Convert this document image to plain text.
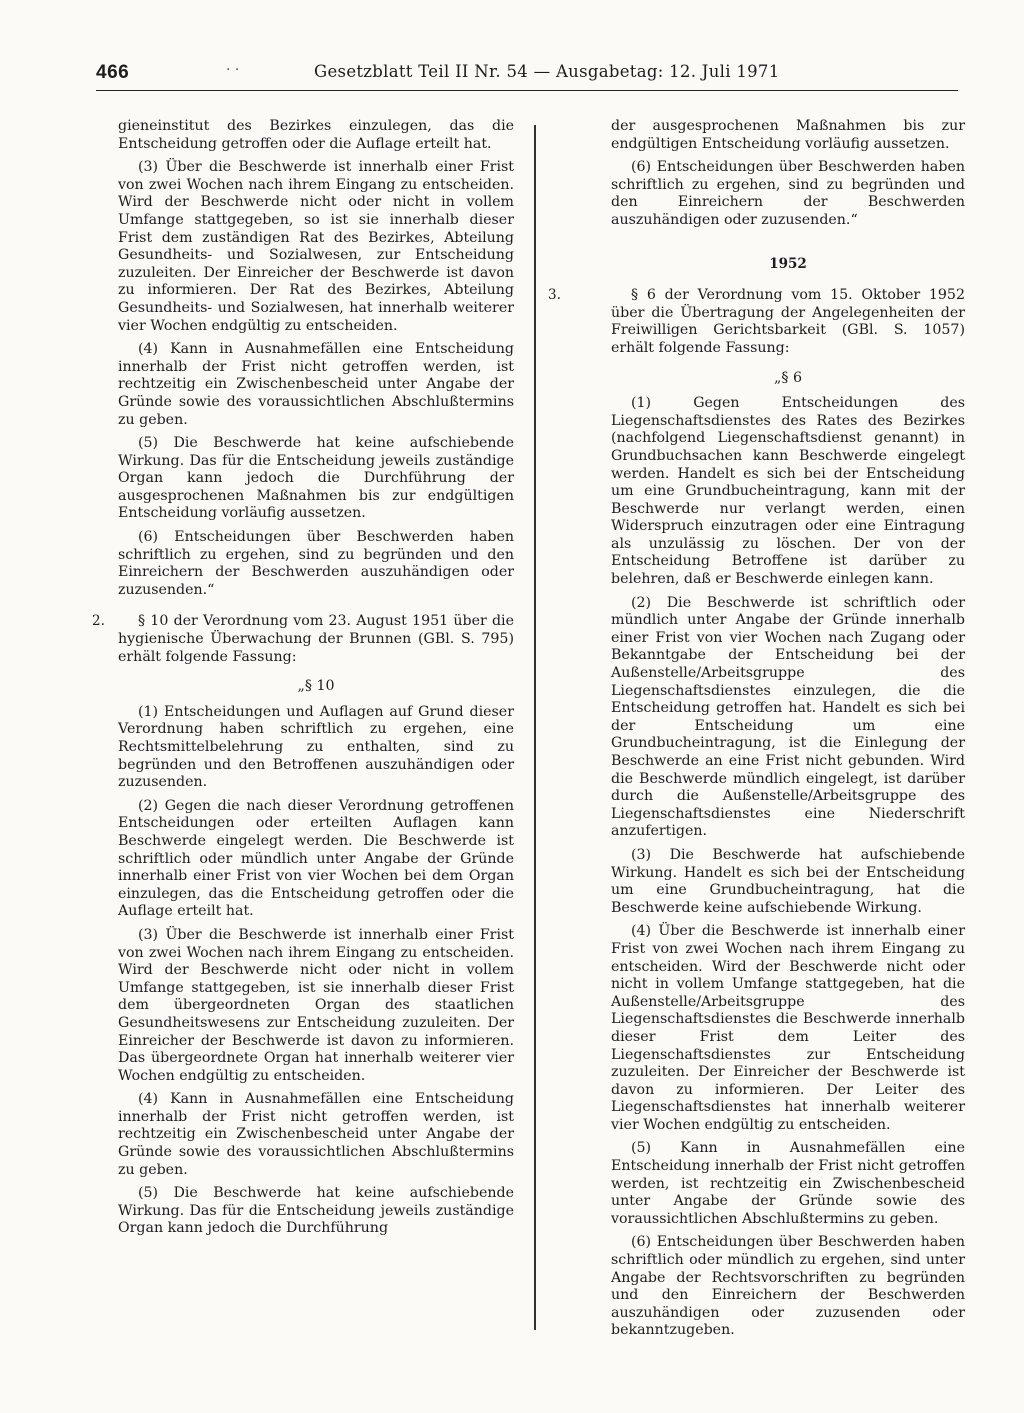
466	· ·	Gesetzblatt Teil II Nr. 54 — Ausgabetag: 12. Juli 1971

gieneinstitut des Bezirkes einzulegen, das die Entscheidung getroffen oder die Auflage erteilt hat.

(3) Über die Beschwerde ist innerhalb einer Frist von zwei Wochen nach ihrem Eingang zu entscheiden. Wird der Beschwerde nicht oder nicht in vollem Umfange stattgegeben, so ist sie innerhalb dieser Frist dem zuständigen Rat des Bezirkes, Abteilung Gesundheits- und Sozialwesen, zur Entscheidung zuzuleiten. Der Einreicher der Beschwerde ist davon zu informieren. Der Rat des Bezirkes, Abteilung Gesundheits- und Sozialwesen, hat innerhalb weiterer vier Wochen endgültig zu entscheiden.

(4) Kann in Ausnahmefällen eine Entscheidung innerhalb der Frist nicht getroffen werden, ist rechtzeitig ein Zwischenbescheid unter Angabe der Gründe sowie des voraussichtlichen Abschlußtermins zu geben.

(5) Die Beschwerde hat keine aufschiebende Wirkung. Das für die Entscheidung jeweils zuständige Organ kann jedoch die Durchführung der ausgesprochenen Maßnahmen bis zur endgültigen Entscheidung vorläufig aussetzen.

(6) Entscheidungen über Beschwerden haben schriftlich zu ergehen, sind zu begründen und den Einreichern der Beschwerden auszuhändigen oder zuzusenden.“

2.	§ 10 der Verordnung vom 23. August 1951 über die hygienische Überwachung der Brunnen (GBl. S. 795) erhält folgende Fassung:

„§ 10

(1) Entscheidungen und Auflagen auf Grund dieser Verordnung haben schriftlich zu ergehen, eine Rechtsmittelbelehrung zu enthalten, sind zu begründen und den Betroffenen auszuhändigen oder zuzusenden.

(2) Gegen die nach dieser Verordnung getroffenen Entscheidungen oder erteilten Auflagen kann Beschwerde eingelegt werden. Die Beschwerde ist schriftlich oder mündlich unter Angabe der Gründe innerhalb einer Frist von vier Wochen bei dem Organ einzulegen, das die Entscheidung getroffen oder die Auflage erteilt hat.

(3) Über die Beschwerde ist innerhalb einer Frist von zwei Wochen nach ihrem Eingang zu entscheiden. Wird der Beschwerde nicht oder nicht in vollem Umfange stattgegeben, ist sie innerhalb dieser Frist dem übergeordneten Organ des staatlichen Gesundheitswesens zur Entscheidung zuzuleiten. Der Einreicher der Beschwerde ist davon zu informieren. Das übergeordnete Organ hat innerhalb weiterer vier Wochen endgültig zu entscheiden.

(4) Kann in Ausnahmefällen eine Entscheidung innerhalb der Frist nicht getroffen werden, ist rechtzeitig ein Zwischenbescheid unter Angabe der Gründe sowie des voraussichtlichen Abschlußtermins zu geben.

(5) Die Beschwerde hat keine aufschiebende Wirkung. Das für die Entscheidung jeweils zuständige Organ kann jedoch die Durchführung

der ausgesprochenen Maßnahmen bis zur endgültigen Entscheidung vorläufig aussetzen.

(6) Entscheidungen über Beschwerden haben schriftlich zu ergehen, sind zu begründen und den Einreichern der Beschwerden auszuhändigen oder zuzusenden.“

1952

3.	§ 6 der Verordnung vom 15. Oktober 1952 über die Übertragung der Angelegenheiten der Freiwilligen Gerichtsbarkeit (GBl. S. 1057) erhält folgende Fassung:

„§ 6

(1) Gegen Entscheidungen des Liegenschaftsdienstes des Rates des Bezirkes (nachfolgend Liegenschaftsdienst genannt) in Grundbuchsachen kann Beschwerde eingelegt werden. Handelt es sich bei der Entscheidung um eine Grundbucheintragung, kann mit der Beschwerde nur verlangt werden, einen Widerspruch einzutragen oder eine Eintragung als unzulässig zu löschen. Der von der Entscheidung Betroffene ist darüber zu belehren, daß er Beschwerde einlegen kann.

(2) Die Beschwerde ist schriftlich oder mündlich unter Angabe der Gründe innerhalb einer Frist von vier Wochen nach Zugang oder Bekanntgabe der Entscheidung bei der Außenstelle/Arbeitsgruppe des Liegenschaftsdienstes einzulegen, die die Entscheidung getroffen hat. Handelt es sich bei der Entscheidung um eine Grundbucheintragung, ist die Einlegung der Beschwerde an eine Frist nicht gebunden. Wird die Beschwerde mündlich eingelegt, ist darüber durch die Außenstelle/Arbeitsgruppe des Liegenschaftsdienstes eine Niederschrift anzufertigen.

(3) Die Beschwerde hat aufschiebende Wirkung. Handelt es sich bei der Entscheidung um eine Grundbucheintragung, hat die Beschwerde keine aufschiebende Wirkung.

(4) Über die Beschwerde ist innerhalb einer Frist von zwei Wochen nach ihrem Eingang zu entscheiden. Wird der Beschwerde nicht oder nicht in vollem Umfange stattgegeben, hat die Außenstelle/Arbeitsgruppe des Liegenschaftsdienstes die Beschwerde innerhalb dieser Frist dem Leiter des Liegenschaftsdienstes zur Entscheidung zuzuleiten. Der Einreicher der Beschwerde ist davon zu informieren. Der Leiter des Liegenschaftsdienstes hat innerhalb weiterer vier Wochen endgültig zu entscheiden.

(5) Kann in Ausnahmefällen eine Entscheidung innerhalb der Frist nicht getroffen werden, ist rechtzeitig ein Zwischenbescheid unter Angabe der Gründe sowie des voraussichtlichen Abschlußtermins zu geben.

(6) Entscheidungen über Beschwerden haben schriftlich oder mündlich zu ergehen, sind unter Angabe der Rechtsvorschriften zu begründen und den Einreichern der Beschwerden auszuhändigen oder zuzusenden oder bekanntzugeben.
